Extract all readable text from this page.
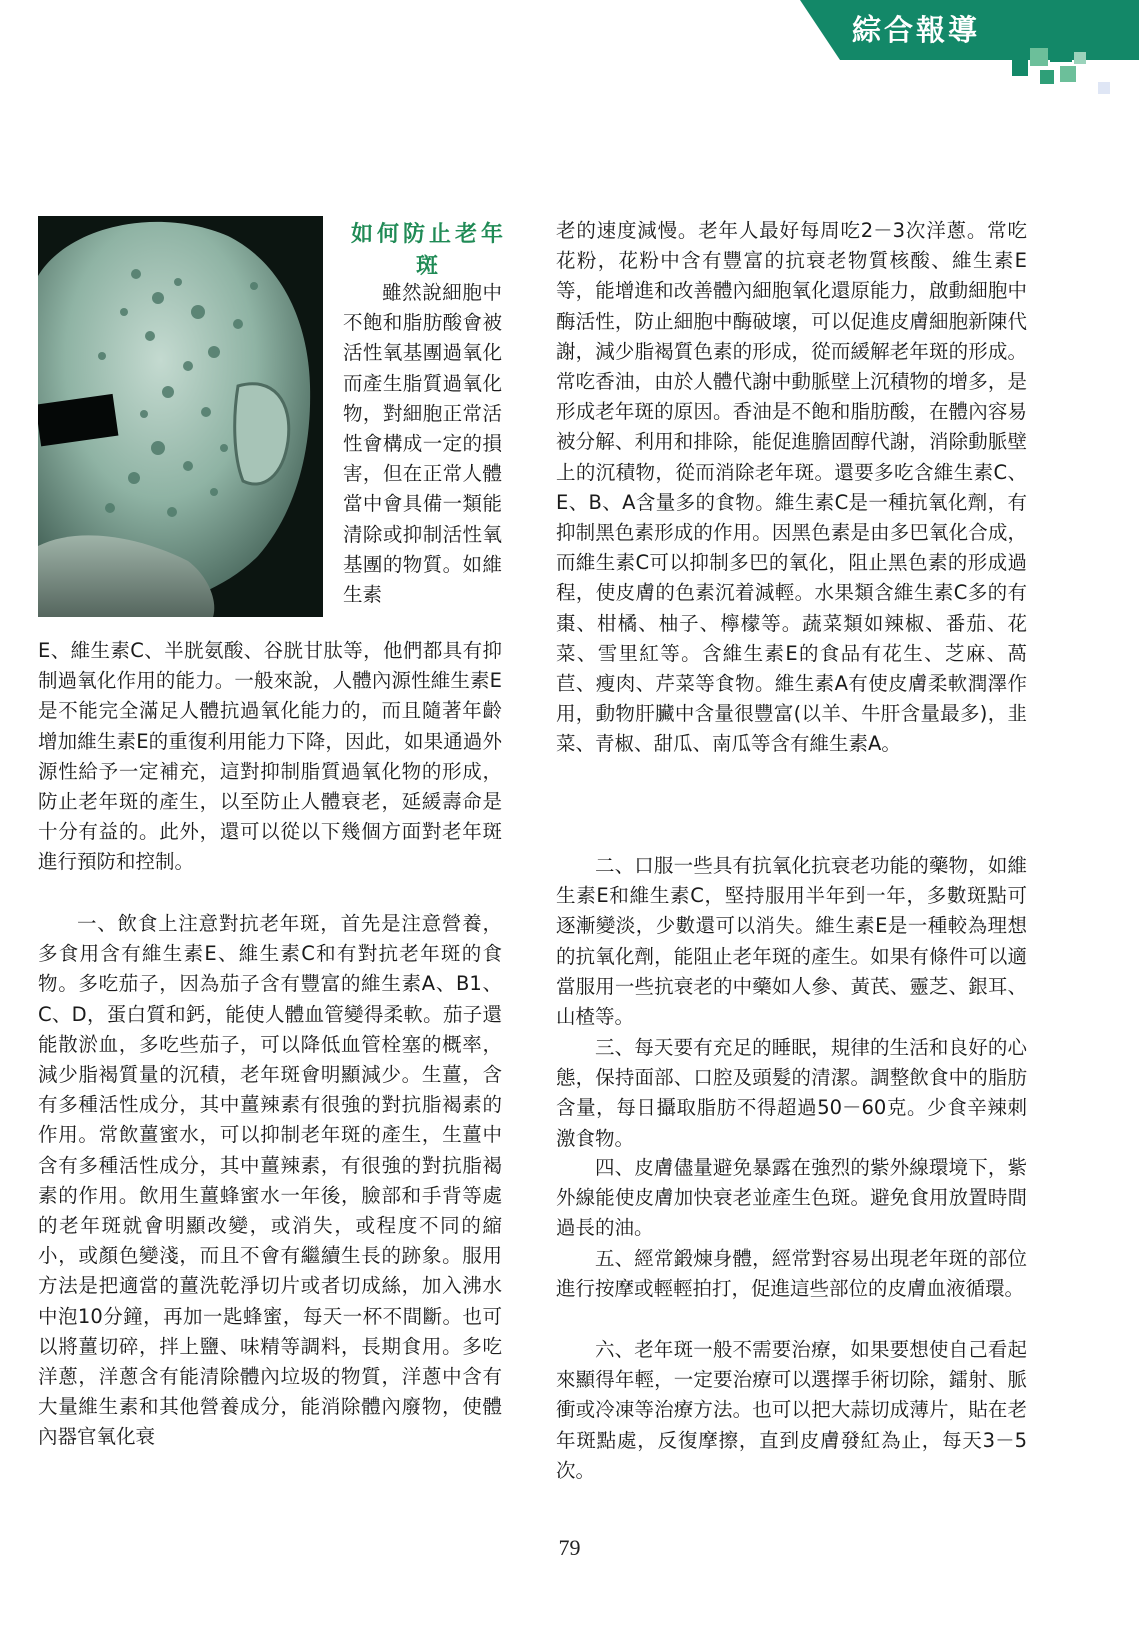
綜合報導
如何防止老年斑

雖然說細胞中不飽和脂肪酸會被活性氧基團過氧化而產生脂質過氧化物，對細胞正常活性會構成一定的損害，但在正常人體當中會具備一類能清除或抑制活性氧基團的物質。如維生素

E、維生素C、半胱氨酸、谷胱甘肽等，他們都具有抑制過氧化作用的能力。一般來說，人體內源性維生素E是不能完全滿足人體抗過氧化能力的，而且隨著年齡增加維生素E的重復利用能力下降，因此，如果通過外源性給予一定補充，這對抑制脂質過氧化物的形成，防止老年斑的產生，以至防止人體衰老，延緩壽命是十分有益的。此外，還可以從以下幾個方面對老年斑進行預防和控制。

一、飲食上注意對抗老年斑，首先是注意營養，多食用含有維生素E、維生素C和有對抗老年斑的食物。多吃茄子，因為茄子含有豐富的維生素A、B1、C、D，蛋白質和鈣，能使人體血管變得柔軟。茄子還能散淤血，多吃些茄子，可以降低血管栓塞的概率，減少脂褐質量的沉積，老年斑會明顯減少。生薑，含有多種活性成分，其中薑辣素有很強的對抗脂褐素的作用。常飲薑蜜水，可以抑制老年斑的產生，生薑中含有多種活性成分，其中薑辣素，有很強的對抗脂褐素的作用。飲用生薑蜂蜜水一年後，臉部和手背等處的老年斑就會明顯改變，或消失，或程度不同的縮小，或顏色變淺，而且不會有繼續生長的跡象。服用方法是把適當的薑洗乾淨切片或者切成絲，加入沸水中泡10分鐘，再加一匙蜂蜜，每天一杯不間斷。也可以將薑切碎，拌上鹽、味精等調料，長期食用。多吃洋蔥，洋蔥含有能清除體內垃圾的物質，洋蔥中含有大量維生素和其他營養成分，能消除體內廢物，使體內器官氧化衰

老的速度減慢。老年人最好每周吃2－3次洋蔥。常吃花粉，花粉中含有豐富的抗衰老物質核酸、維生素E等，能增進和改善體內細胞氧化還原能力，啟動細胞中酶活性，防止細胞中酶破壞，可以促進皮膚細胞新陳代謝，減少脂褐質色素的形成，從而緩解老年斑的形成。常吃香油，由於人體代謝中動脈壁上沉積物的增多，是形成老年斑的原因。香油是不飽和脂肪酸，在體內容易被分解、利用和排除，能促進膽固醇代謝，消除動脈壁上的沉積物，從而消除老年斑。還要多吃含維生素C、E、B、A含量多的食物。維生素C是一種抗氧化劑，有抑制黑色素形成的作用。因黑色素是由多巴氧化合成，而維生素C可以抑制多巴的氧化，阻止黑色素的形成過程，使皮膚的色素沉着減輕。水果類含維生素C多的有棗、柑橘、柚子、檸檬等。蔬菜類如辣椒、番茄、花菜、雪里紅等。含維生素E的食品有花生、芝麻、萵苣、瘦肉、芹菜等食物。維生素A有使皮膚柔軟潤澤作用，動物肝臟中含量很豐富(以羊、牛肝含量最多)，韭菜、青椒、甜瓜、南瓜等含有維生素A。

二、口服一些具有抗氧化抗衰老功能的藥物，如維生素E和維生素C，堅持服用半年到一年，多數斑點可逐漸變淡，少數還可以消失。維生素E是一種較為理想的抗氧化劑，能阻止老年斑的產生。如果有條件可以適當服用一些抗衰老的中藥如人參、黃芪、靈芝、銀耳、山楂等。

三、每天要有充足的睡眠，規律的生活和良好的心態，保持面部、口腔及頭髮的清潔。調整飲食中的脂肪含量，每日攝取脂肪不得超過50－60克。少食辛辣刺激食物。

四、皮膚儘量避免暴露在強烈的紫外線環境下，紫外線能使皮膚加快衰老並產生色斑。避免食用放置時間過長的油。

五、經常鍛煉身體，經常對容易出現老年斑的部位進行按摩或輕輕拍打，促進這些部位的皮膚血液循環。

六、老年斑一般不需要治療，如果要想使自己看起來顯得年輕，一定要治療可以選擇手術切除，鐳射、脈衝或冷凍等治療方法。也可以把大蒜切成薄片，貼在老年斑點處，反復摩擦，直到皮膚發紅為止，每天3－5次。

79
